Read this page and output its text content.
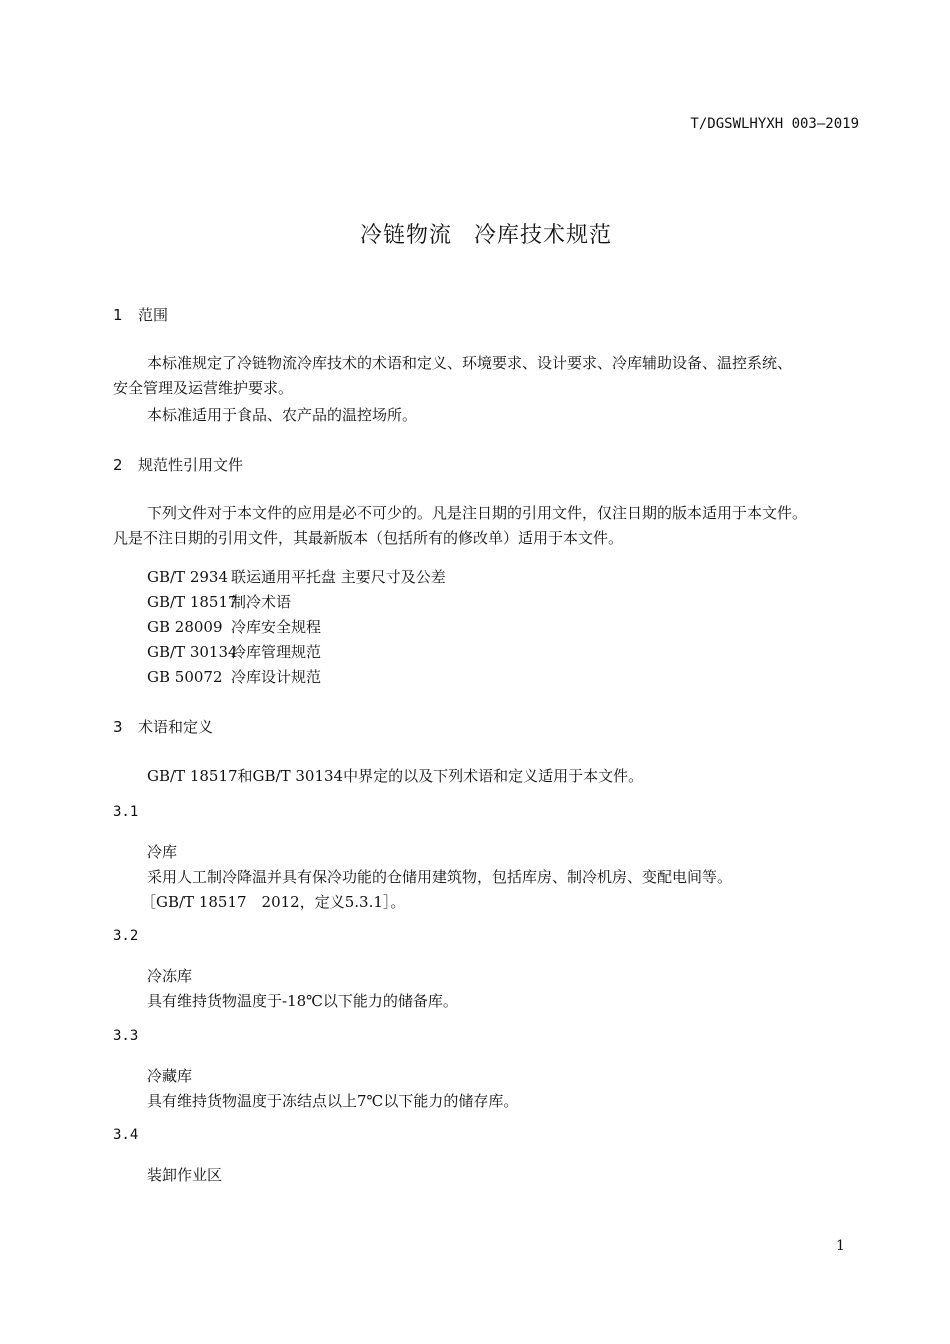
T/DGSWLHYXH 003—2019
冷链物流 冷库技术规范
1 范围
本标准规定了冷链物流冷库技术的术语和定义、环境要求、设计要求、冷库辅助设备、温控系统、
安全管理及运营维护要求。
本标准适用于食品、农产品的温控场所。
2 规范性引用文件
下列文件对于本文件的应用是必不可少的。凡是注日期的引用文件，仅注日期的版本适用于本文件。
凡是不注日期的引用文件，其最新版本（包括所有的修改单）适用于本文件。
GB/T 2934 联运通用平托盘 主要尺寸及公差
GB/T 18517制冷术语
GB 28009 冷库安全规程
GB/T 30134冷库管理规范
GB 50072 冷库设计规范
3 术语和定义
GB/T 18517和GB/T 30134中界定的以及下列术语和定义适用于本文件。
3.1
冷库
采用人工制冷降温并具有保冷功能的仓储用建筑物，包括库房、制冷机房、变配电间等。
［GB/T 18517　2012，定义5.3.1］。
3.2
冷冻库
具有维持货物温度于-18℃以下能力的储备库。
3.3
冷藏库
具有维持货物温度于冻结点以上7℃以下能力的储存库。
3.4
装卸作业区
1
